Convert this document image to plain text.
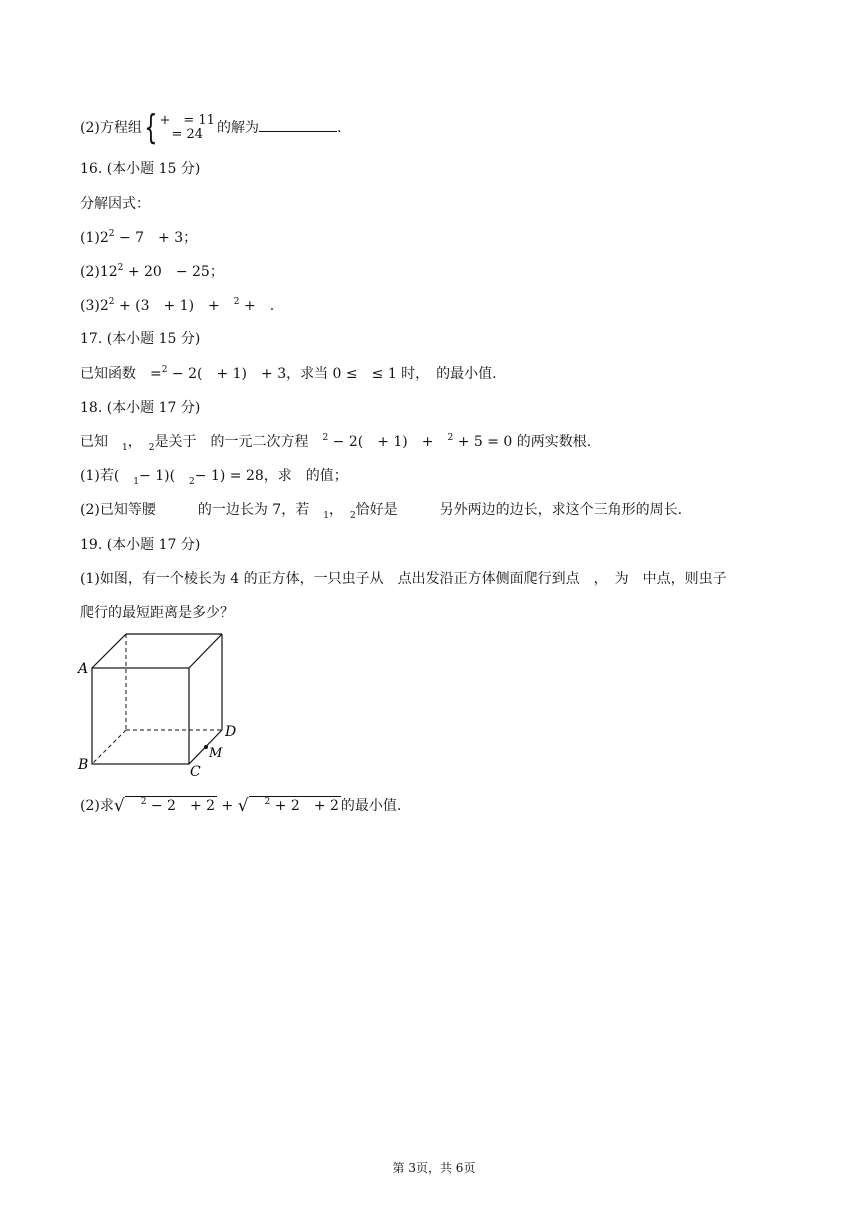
(2)方程组{ +　= 11
= 24 的解为	.
16. (本小题 15 分)
分解因式：
$(1)2^2 - 7$　+ 3；
$(2)12^2 + 20$　− 25；
$(3)2^2 + (3$　+ 1)　+　 $^2$ +　.
17. (本小题 15 分)
已知函数　=$^2$ − 2(　+ 1)　+ 3，求当 0 ≤　≤ 1 时，　的最小值.
18. (本小题 17 分)
已知　 $_1$，　 $_2$是关于　的一元二次方程　 $^2$ − 2(　+ 1)　+　 $^2$ + 5 = 0 的两实数根.
(1)若(　 $_1$− 1)(　 $_2$− 1) = 28，求　的值；
(2)已知等腰　　　的一边长为 7，若　 $_1$，　 $_2$恰好是　　　另外两边的边长，求这个三角形的周长.
19. (本小题 17 分)
(1)如图，有一个棱长为 4 的正方体，一只虫子从　点出发沿正方体侧面爬行到点　，　为　中点，则虫子
爬行的最短距离是多少？
A
B	C
D
M
(2)求√　 $^2$ − 2　+ 2 + √　 $^2$ + 2　+ 2 的最小值.
第 3页，共 6页
